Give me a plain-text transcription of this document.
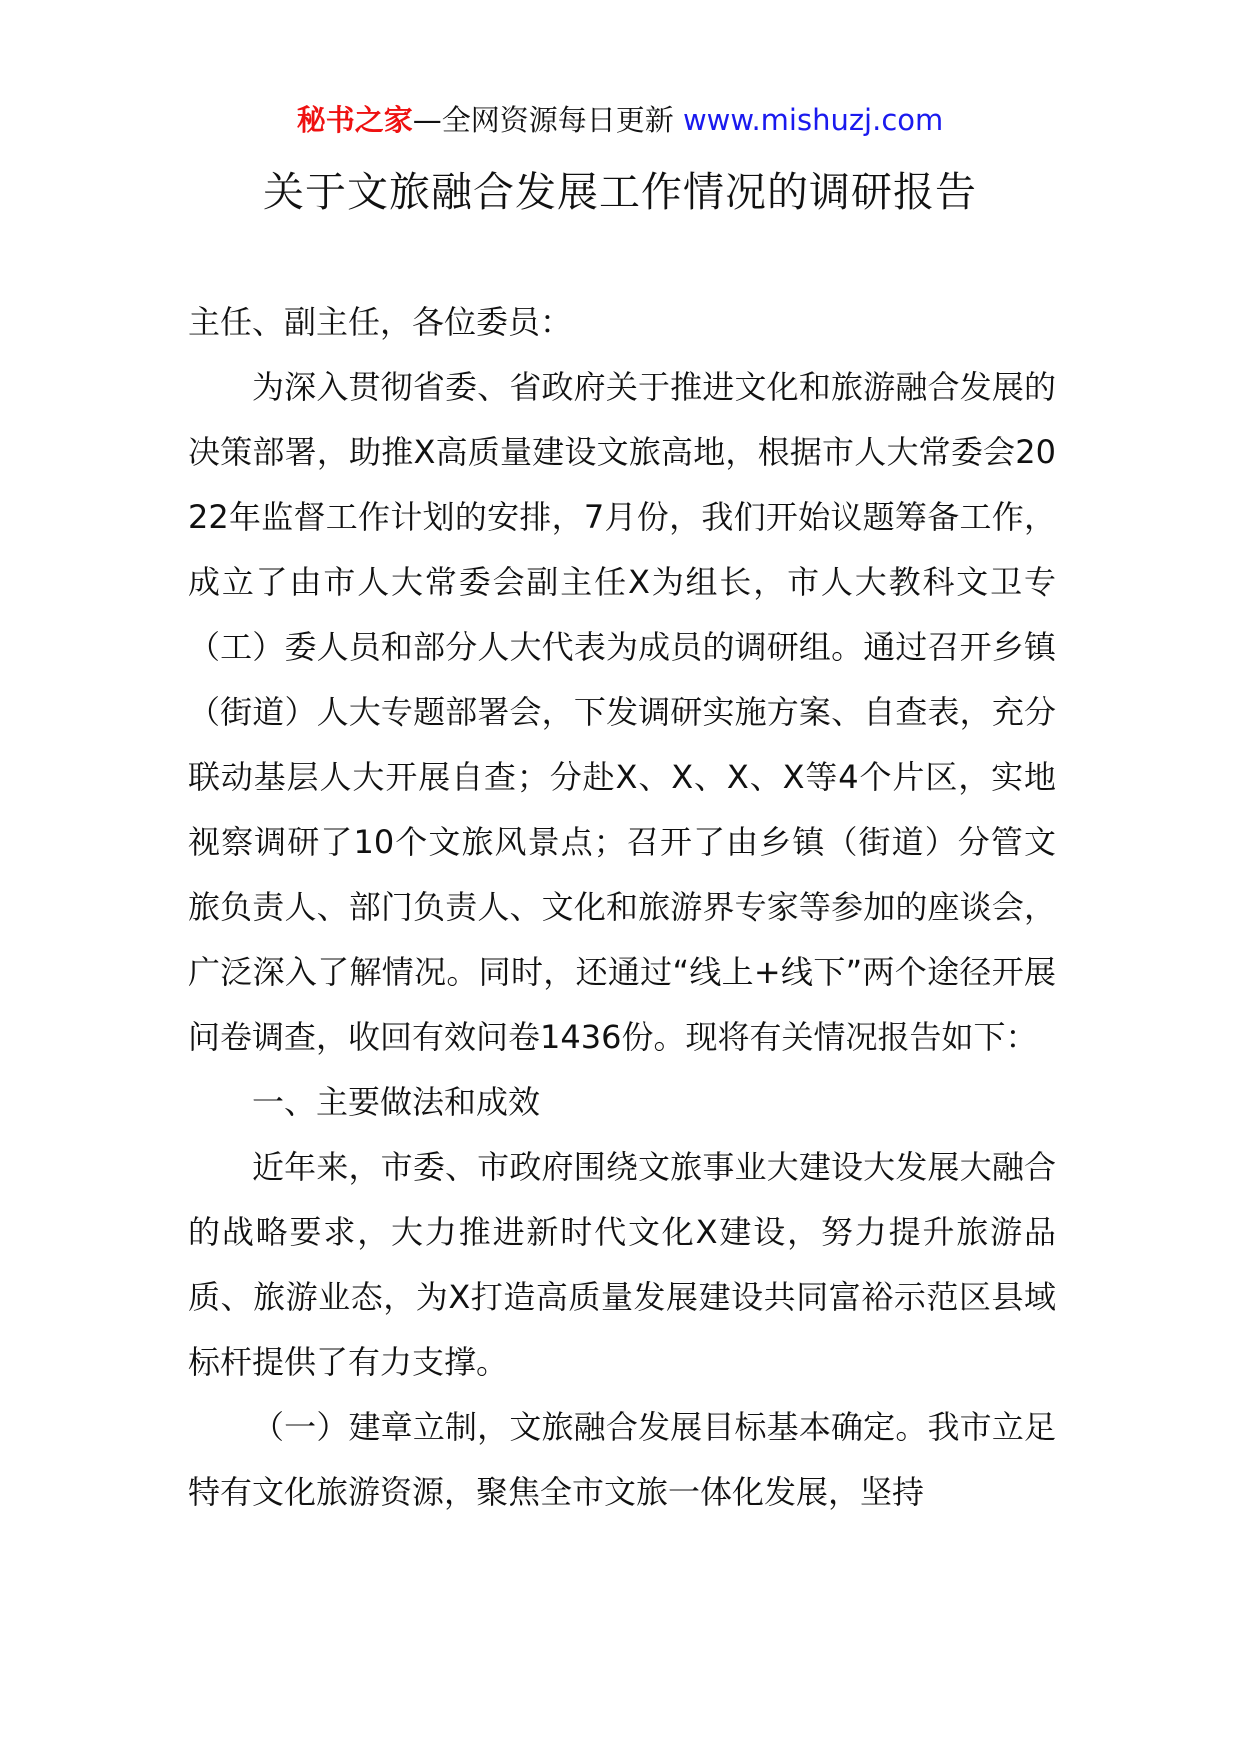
秘书之家—全网资源每日更新 www.mishuzj.com
关于文旅融合发展工作情况的调研报告

主任、副主任，各位委员：

为深入贯彻省委、省政府关于推进文化和旅游融合发展的决策部署，助推X高质量建设文旅高地，根据市人大常委会2022年监督工作计划的安排，7月份，我们开始议题筹备工作，成立了由市人大常委会副主任X为组长，市人大教科文卫专（工）委人员和部分人大代表为成员的调研组。通过召开乡镇（街道）人大专题部署会，下发调研实施方案、自查表，充分联动基层人大开展自查；分赴X、X、X、X等4个片区，实地视察调研了10个文旅风景点；召开了由乡镇（街道）分管文旅负责人、部门负责人、文化和旅游界专家等参加的座谈会，广泛深入了解情况。同时，还通过“线上+线下”两个途径开展问卷调查，收回有效问卷1436份。现将有关情况报告如下：

一、主要做法和成效

近年来，市委、市政府围绕文旅事业大建设大发展大融合的战略要求，大力推进新时代文化X建设，努力提升旅游品质、旅游业态，为X打造高质量发展建设共同富裕示范区县域标杆提供了有力支撑。

（一）建章立制，文旅融合发展目标基本确定。我市立足特有文化旅游资源，聚焦全市文旅一体化发展，坚持
